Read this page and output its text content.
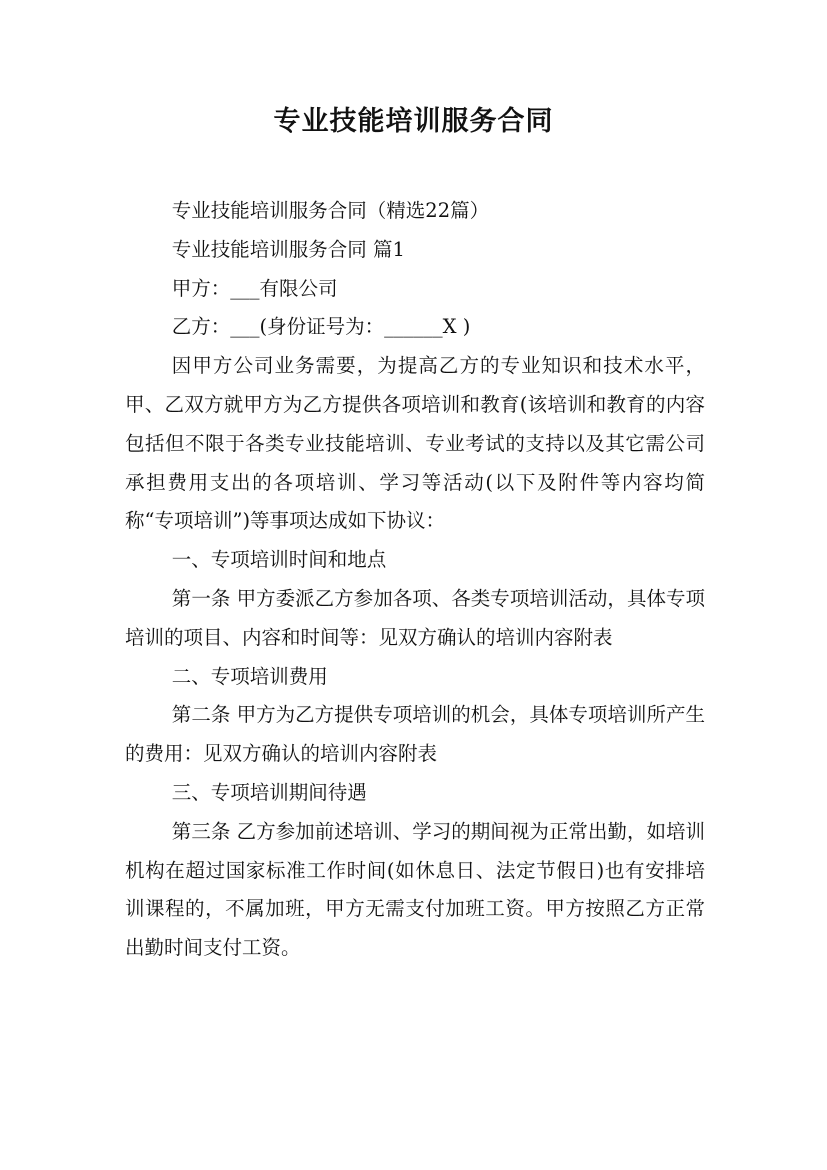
专业技能培训服务合同

专业技能培训服务合同（精选22篇）

专业技能培训服务合同 篇1

甲方：___有限公司

乙方：___(身份证号为：______X )

因甲方公司业务需要，为提高乙方的专业知识和技术水平，甲、乙双方就甲方为乙方提供各项培训和教育(该培训和教育的内容包括但不限于各类专业技能培训、专业考试的支持以及其它需公司承担费用支出的各项培训、学习等活动(以下及附件等内容均简称“专项培训”)等事项达成如下协议：

一、专项培训时间和地点

第一条 甲方委派乙方参加各项、各类专项培训活动，具体专项培训的项目、内容和时间等：见双方确认的培训内容附表

二、专项培训费用

第二条 甲方为乙方提供专项培训的机会，具体专项培训所产生的费用：见双方确认的培训内容附表

三、专项培训期间待遇

第三条 乙方参加前述培训、学习的期间视为正常出勤，如培训机构在超过国家标准工作时间(如休息日、法定节假日)也有安排培训课程的，不属加班，甲方无需支付加班工资。甲方按照乙方正常出勤时间支付工资。
